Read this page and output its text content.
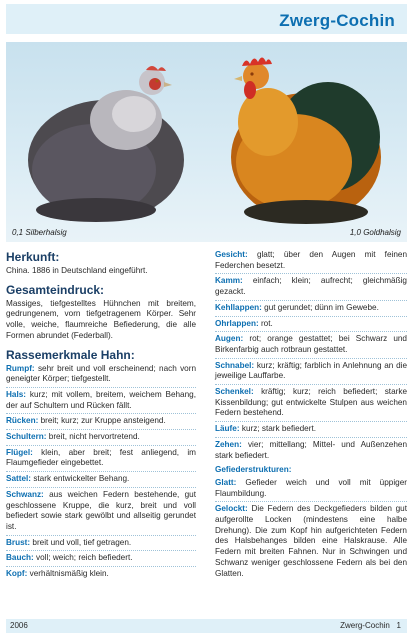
Zwerg-Cochin
0,1 Silberhalsig	1,0 Goldhalsig
Herkunft:
China. 1886 in Deutschland eingeführt.
Gesamteindruck:
Massiges, tiefgestelltes Hühnchen mit breitem, gedrungenem, vorn tiefgetragenem Körper. Sehr volle, weiche, flaumreiche Befiederung, die alle Formen abrundet (Federball).
Rassemerkmale Hahn:
Rumpf: sehr breit und voll erscheinend; nach vorn geneigter Körper; tiefgestellt.
Hals: kurz; mit vollem, breitem, weichem Behang, der auf Schultern und Rücken fällt.
Rücken: breit; kurz; zur Kruppe ansteigend.
Schultern: breit, nicht hervortretend.
Flügel: klein, aber breit; fest anliegend, im Flaumgefieder eingebettet.
Sattel: stark entwickelter Behang.
Schwanz: aus weichen Federn bestehende, gut geschlossene Kruppe, die kurz, breit und voll befiedert sowie stark gewölbt und allseitig gerundet ist.
Brust: breit und voll, tief getragen.
Bauch: voll; weich; reich befiedert.
Kopf: verhältnismäßig klein.
Gesicht: glatt; über den Augen mit feinen Federchen besetzt.
Kamm: einfach; klein; aufrecht; gleichmäßig gezackt.
Kehllappen: gut gerundet; dünn im Gewebe.
Ohrlappen: rot.
Augen: rot; orange gestattet; bei Schwarz und Birkenfarbig auch rotbraun gestattet.
Schnabel: kurz; kräftig; farblich in Anlehnung an die jeweilige Lauffarbe.
Schenkel: kräftig; kurz; reich befiedert; starke Kissenbildung; gut entwickelte Stulpen aus weichen Federn bestehend.
Läufe: kurz; stark befiedert.
Zehen: vier; mittellang; Mittel- und Außenzehen stark befiedert.
Gefiederstrukturen:
Glatt: Gefieder weich und voll mit üppiger Flaumbildung.
Gelockt: Die Federn des Deckgefieders bilden gut aufgerollte Locken (mindestens eine halbe Drehung). Die zum Kopf hin aufgerichteten Federn des Halsbehanges bilden eine Halskrause. Alle Federn mit breiten Fahnen. Nur in Schwingen und Schwanz weniger geschlossene Federn als bei den Glatten.
2006	Zwerg-Cochin 1
